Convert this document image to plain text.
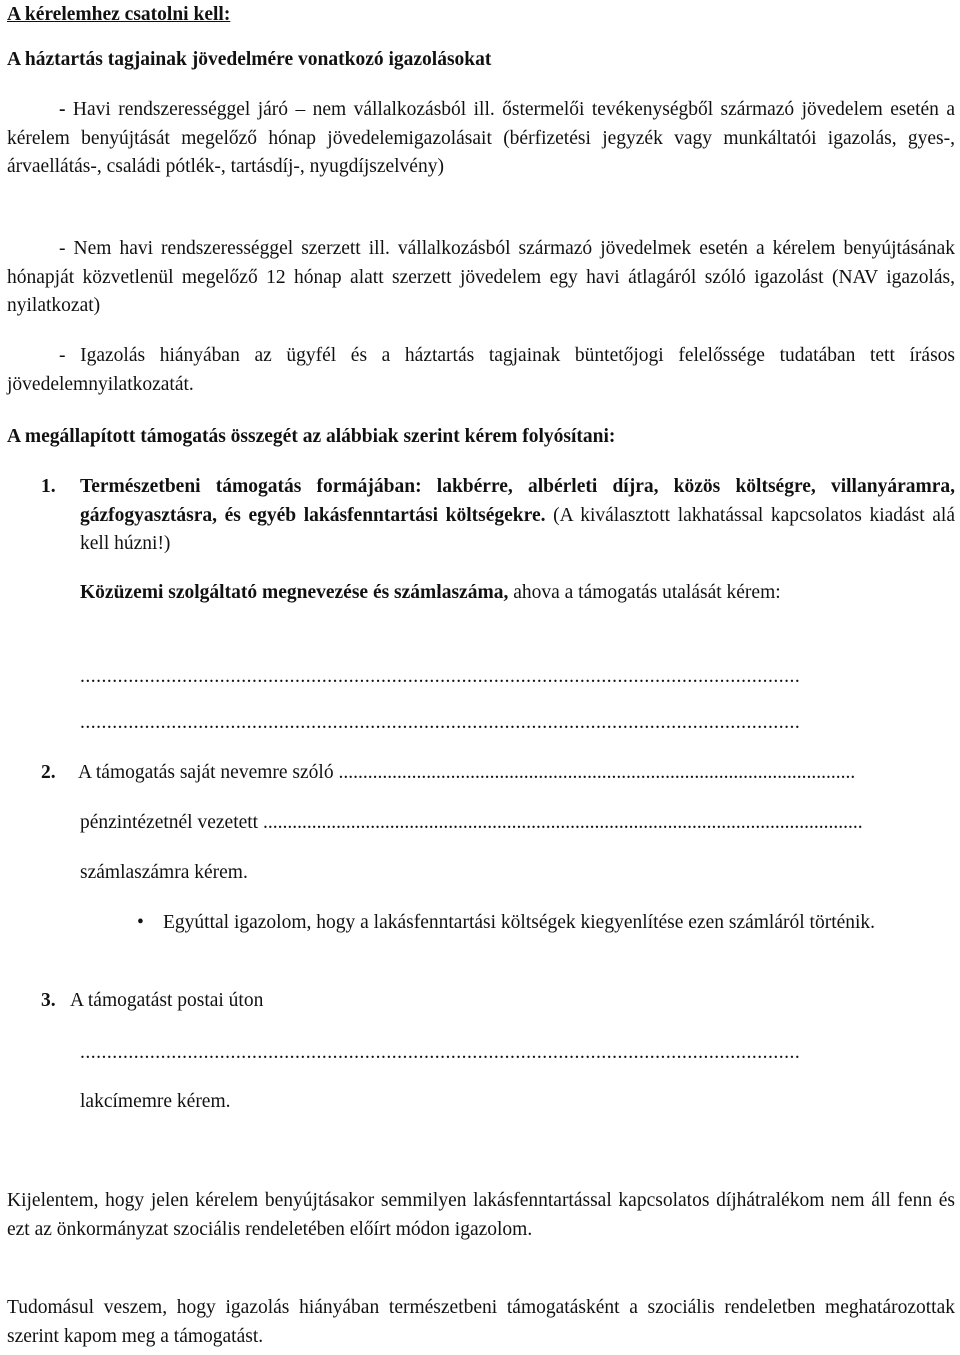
A kérelemhez csatolni kell:
A háztartás tagjainak jövedelmére vonatkozó igazolásokat
- Havi rendszerességgel járó – nem vállalkozásból ill. őstermelői tevékenységből származó jövedelem esetén a kérelem benyújtását megelőző hónap jövedelemigazolásait (bérfizetési jegyzék vagy munkáltatói igazolás, gyes-, árvaellátás-, családi pótlék-, tartásdíj-, nyugdíjszelvény)
- Nem havi rendszerességgel szerzett ill. vállalkozásból származó jövedelmek esetén a kérelem benyújtásának hónapját közvetlenül megelőző 12 hónap alatt szerzett jövedelem egy havi átlagáról szóló igazolást (NAV igazolás, nyilatkozat)
- Igazolás hiányában az ügyfél és a háztartás tagjainak büntetőjogi felelőssége tudatában tett írásos jövedelemnyilatkozatát.
A megállapított támogatás összegét az alábbiak szerint kérem folyósítani:
1. Természetbeni támogatás formájában: lakbérre, albérleti díjra, közös költségre, villanyáramra, gázfogyasztásra, és egyéb lakásfenntartási költségekre. (A kiválasztott lakhatással kapcsolatos kiadást alá kell húzni!)
Közüzemi szolgáltató megnevezése és számlaszáma, ahova a támogatás utalását kérem:
......................................................................................................................................
......................................................................................................................................
2. A támogatás saját nevemre szóló ..........................................................................................................
pénzintézetnél vezetett ...........................................................................................................................
számlaszámra kérem.
• Egyúttal igazolom, hogy a lakásfenntartási költségek kiegyenlítése ezen számláról történik.
3. A támogatást postai úton
......................................................................................................................................
lakcímemre kérem.
Kijelentem, hogy jelen kérelem benyújtásakor semmilyen lakásfenntartással kapcsolatos díjhátralékom nem áll fenn és ezt az önkormányzat szociális rendeletében előírt módon igazolom.
Tudomásul veszem, hogy igazolás hiányában természetbeni támogatásként a szociális rendeletben meghatározottak szerint kapom meg a támogatást.
